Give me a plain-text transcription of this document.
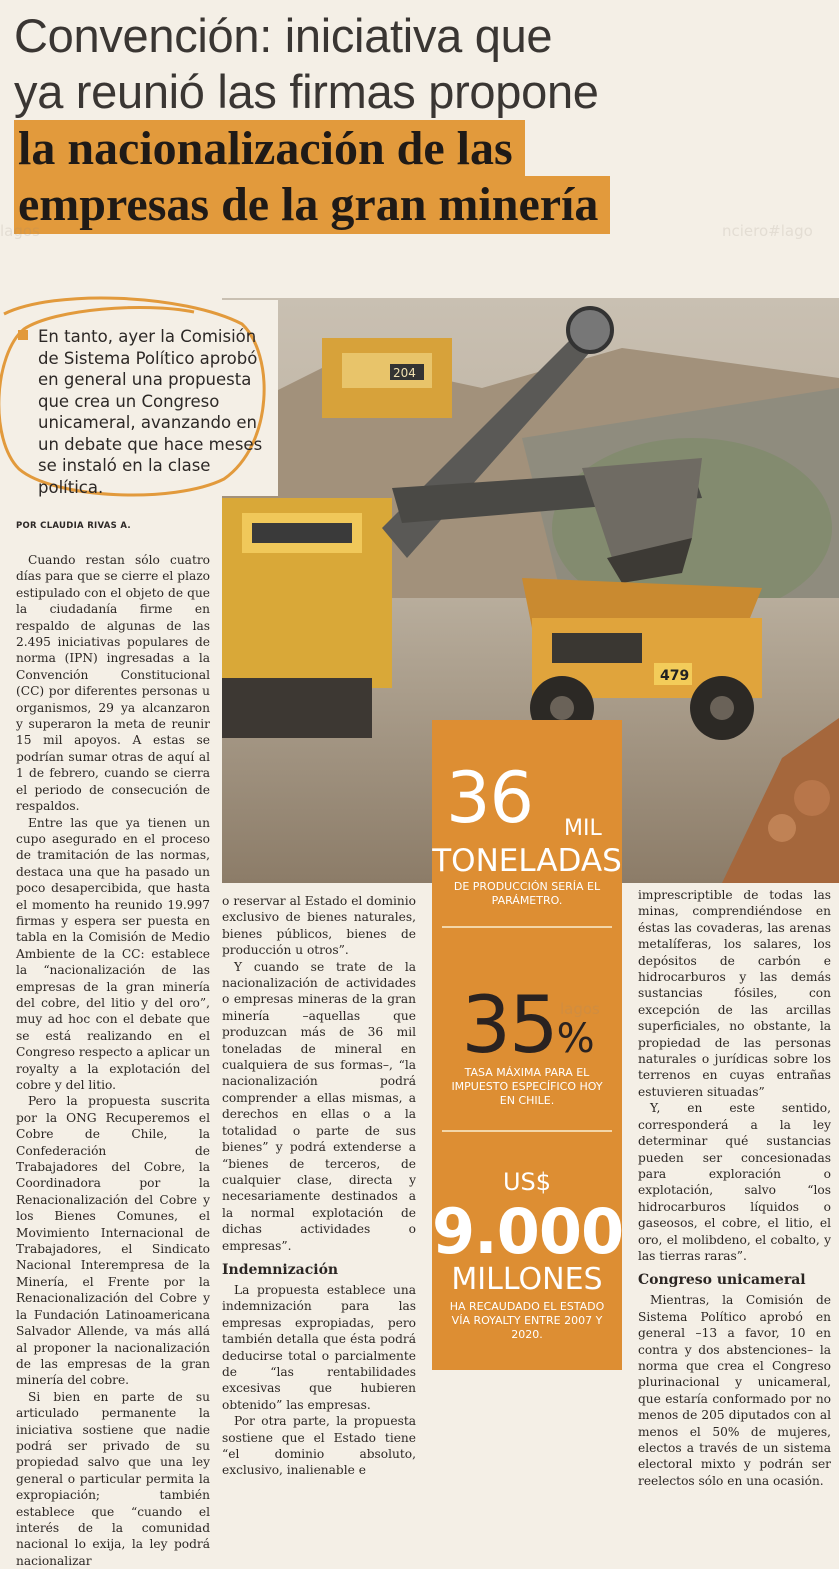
Convención: iniciativa que
ya reunió las firmas propone
la nacionalización de las
empresas de la gran minería
lagos	nciero#lago
204
479
En tanto, ayer la Comisión de Sistema Político aprobó en general una propuesta que crea un Congreso unicameral, avanzando en un debate que hace meses se instaló en la clase política.
POR CLAUDIA RIVAS A.

Cuando restan sólo cuatro días para que se cierre el plazo estipulado con el objeto de que la ciudadanía firme en respaldo de algunas de las 2.495 iniciativas populares de norma (IPN) ingresadas a la Convención Constitucional (CC) por diferentes personas u organismos, 29 ya alcanzaron y superaron la meta de reunir 15 mil apoyos. A estas se podrían sumar otras de aquí al 1 de febrero, cuando se cierra el periodo de consecución de respaldos.

Entre las que ya tienen un cupo asegurado en el proceso de tramitación de las normas, destaca una que ha pasado un poco desapercibida, que hasta el momento ha reunido 19.997 firmas y espera ser puesta en tabla en la Comisión de Medio Ambiente de la CC: establece la “nacionalización de las empresas de la gran minería del cobre, del litio y del oro”, muy ad hoc con el debate que se está realizando en el Congreso respecto a aplicar un royalty a la explotación del cobre y del litio.

Pero la propuesta suscrita por la ONG Recuperemos el Cobre de Chile, la Confederación de Trabajadores del Cobre, la Coordinadora por la Renacionalización del Cobre y los Bienes Comunes, el Movimiento Internacional de Trabajadores, el Sindicato Nacional Interempresa de la Minería, el Frente por la Renacionalización del Cobre y la Fundación Latinoamericana Salvador Allende, va más allá al proponer la nacionalización de las empresas de la gran minería del cobre.

Si bien en parte de su articulado permanente la iniciativa sostiene que nadie podrá ser privado de su propiedad salvo que una ley general o particular permita la expropiación; también establece que “cuando el interés de la comunidad nacional lo exija, la ley podrá nacionalizar

o reservar al Estado el dominio exclusivo de bienes naturales, bienes públicos, bienes de producción u otros”.

Y cuando se trate de la nacionalización de actividades o empresas mineras de la gran minería –aquellas que produzcan más de 36 mil toneladas de mineral en cualquiera de sus formas–, “la nacionalización podrá comprender a ellas mismas, a derechos en ellas o a la totalidad o parte de sus bienes” y podrá extenderse a “bienes de terceros, de cualquier clase, directa y necesariamente destinados a la normal explotación de dichas actividades o empresas”.

Indemnización

La propuesta establece una indemnización para las empresas expropiadas, pero también detalla que ésta podrá deducirse total o parcialmente de “las rentabilidades excesivas que hubieren obtenido” las empresas.

Por otra parte, la propuesta sostiene que el Estado tiene “el dominio absoluto, exclusivo, inalienable e

imprescriptible de todas las minas, comprendiéndose en éstas las covaderas, las arenas metalíferas, los salares, los depósitos de carbón e hidrocarburos y las demás sustancias fósiles, con excepción de las arcillas superficiales, no obstante, la propiedad de las personas naturales o jurídicas sobre los terrenos en cuyas entrañas estuvieren situadas”

Y, en este sentido, corresponderá a la ley determinar qué sustancias pueden ser concesionadas para exploración o explotación, salvo “los hidrocarburos líquidos o gaseosos, el cobre, el litio, el oro, el molibdeno, el cobalto, y las tierras raras”.

Congreso unicameral

Mientras, la Comisión de Sistema Político aprobó en general –13 a favor, 10 en contra y dos abstenciones– la norma que crea el Congreso plurinacional y unicameral, que estaría conformado por no menos de 205 diputados con al menos el 50% de mujeres, electos a través de un sistema electoral mixto y podrán ser reelectos sólo en una ocasión.

36 MIL
TONELADAS
DE PRODUCCIÓN SERÍA EL PARÁMETRO.
35%
TASA MÁXIMA PARA EL IMPUESTO ESPECÍFICO HOY EN CHILE.
US$
9.000
MILLONES
HA RECAUDADO EL ESTADO VÍA ROYALTY ENTRE 2007 Y 2020.
lagos
